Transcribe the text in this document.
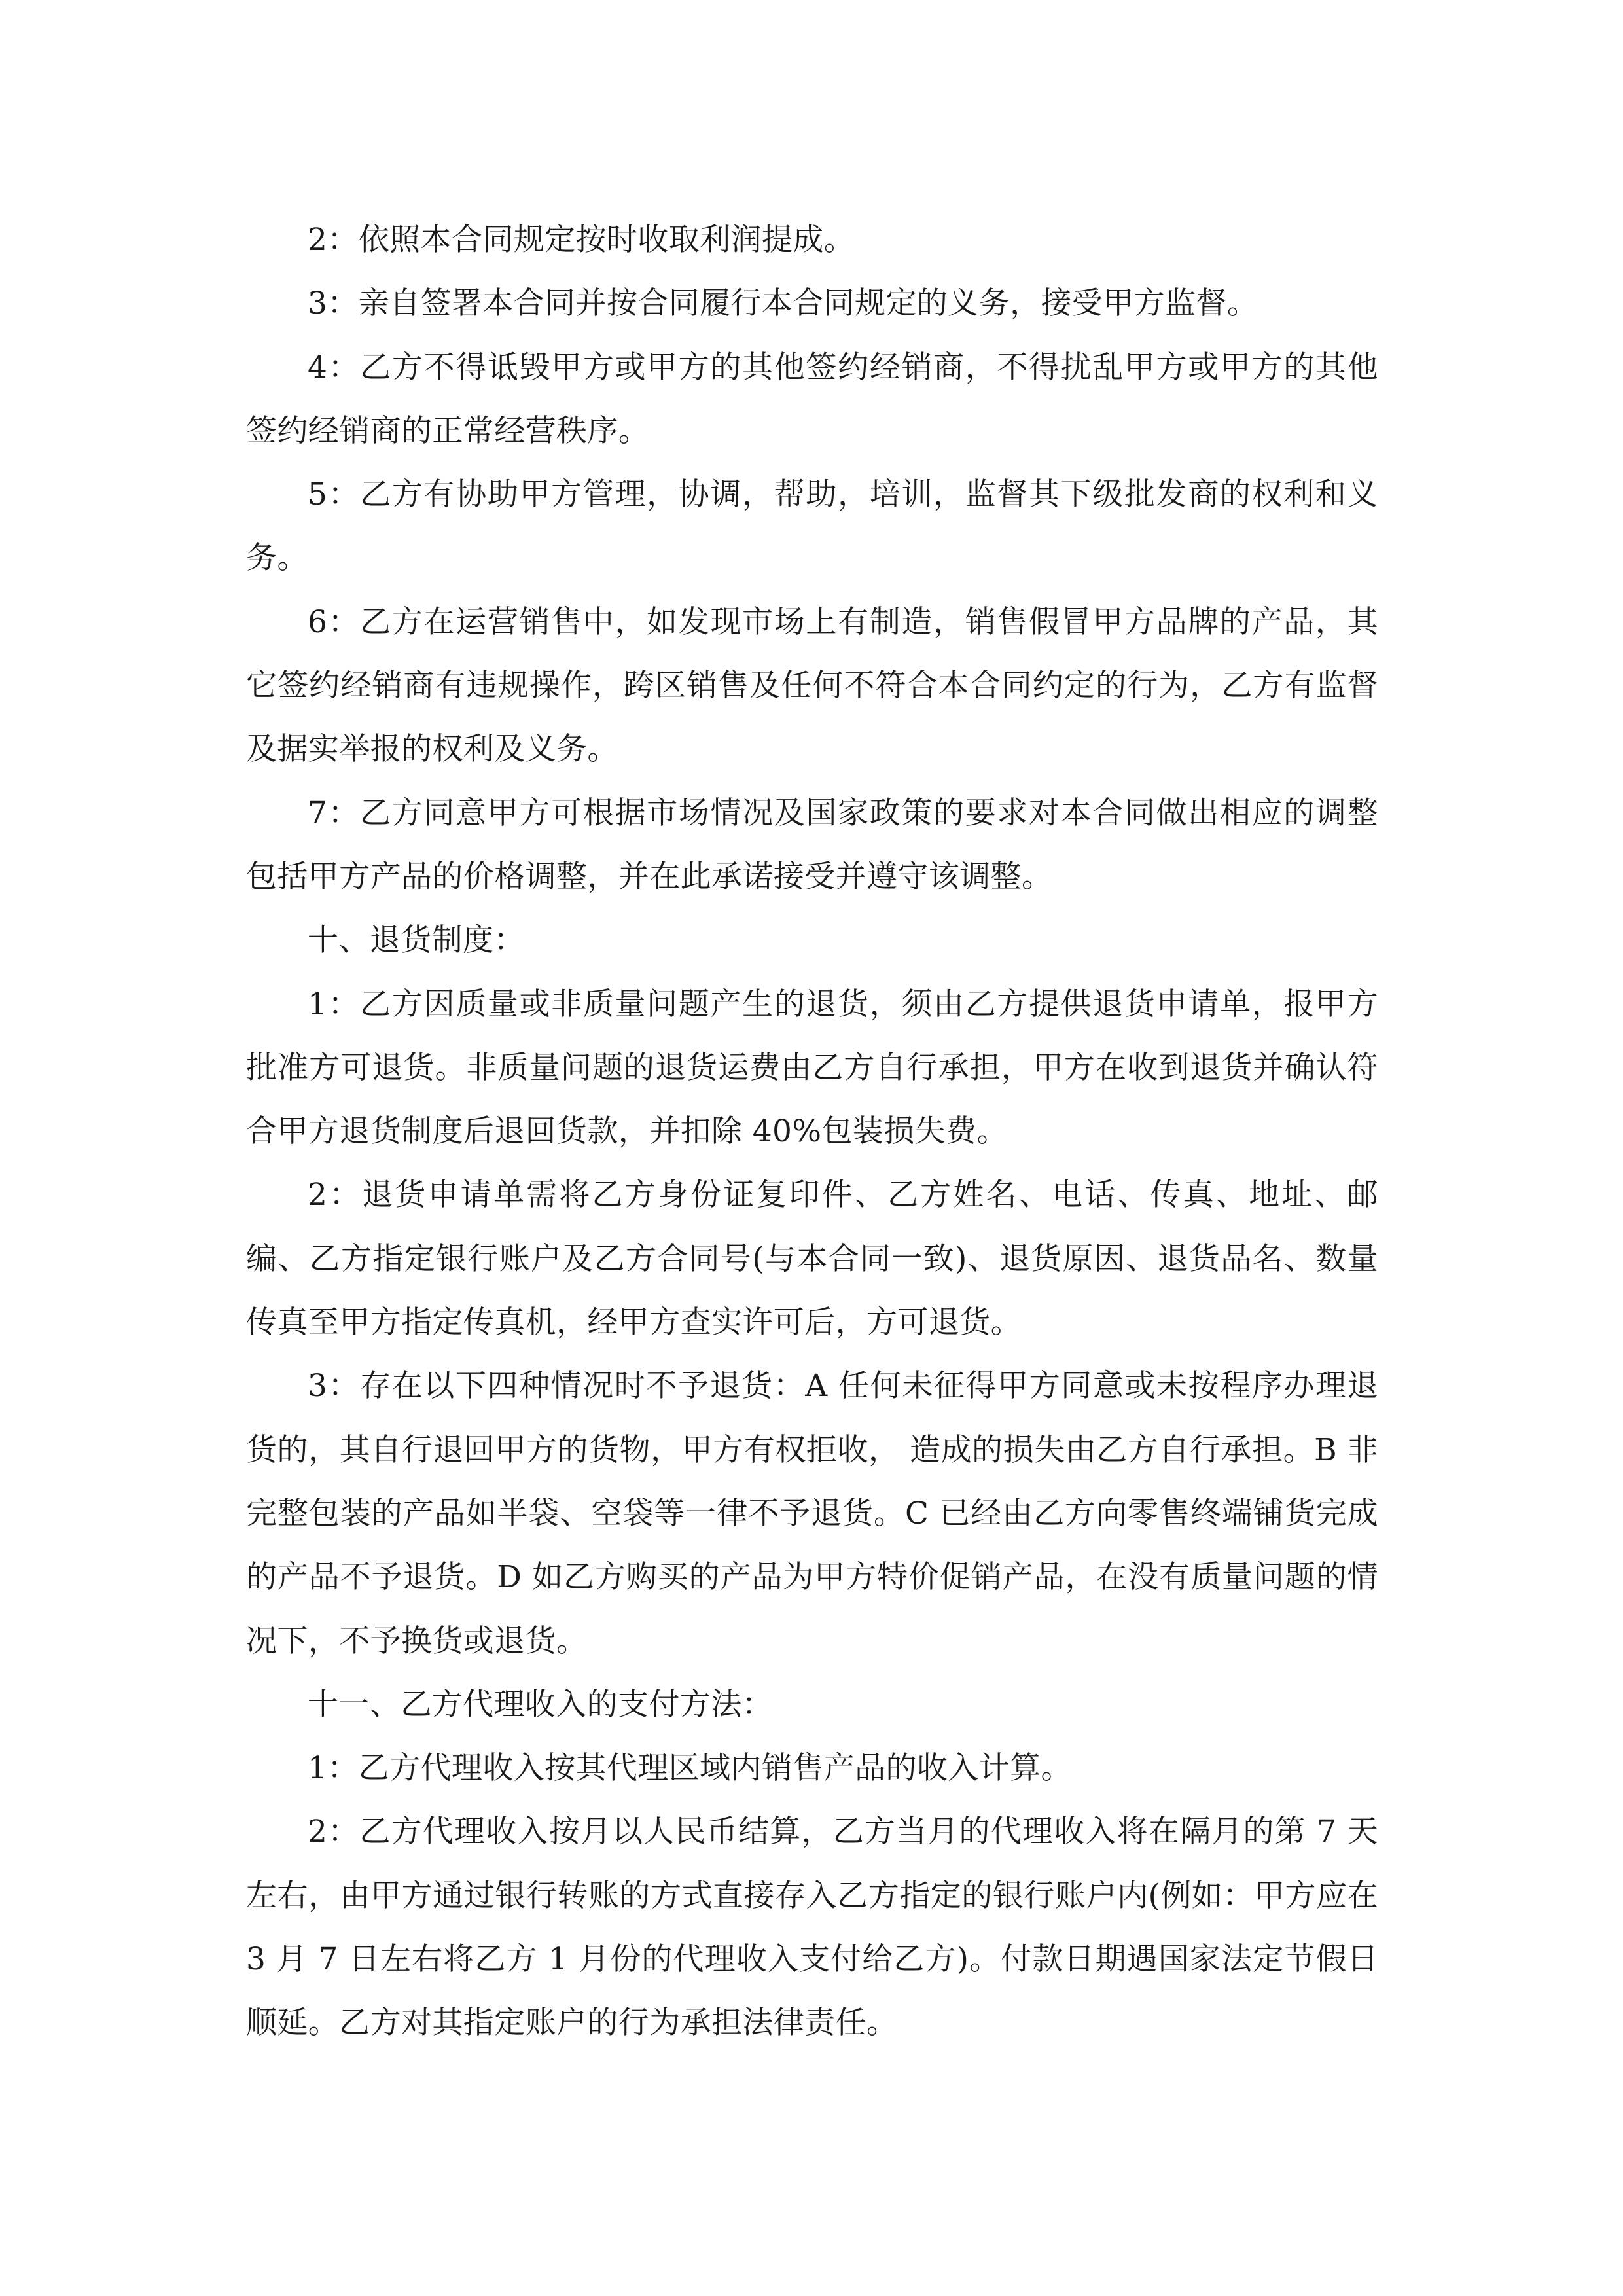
2：依照本合同规定按时收取利润提成。

3：亲自签署本合同并按合同履行本合同规定的义务，接受甲方监督。

4：乙方不得诋毁甲方或甲方的其他签约经销商，不得扰乱甲方或甲方的其他签约经销商的正常经营秩序。

5：乙方有协助甲方管理，协调，帮助，培训，监督其下级批发商的权利和义务。

6：乙方在运营销售中，如发现市场上有制造，销售假冒甲方品牌的产品，其它签约经销商有违规操作，跨区销售及任何不符合本合同约定的行为，乙方有监督及据实举报的权利及义务。

7：乙方同意甲方可根据市场情况及国家政策的要求对本合同做出相应的调整包括甲方产品的价格调整，并在此承诺接受并遵守该调整。

十、退货制度：

1：乙方因质量或非质量问题产生的退货，须由乙方提供退货申请单，报甲方批准方可退货。非质量问题的退货运费由乙方自行承担，甲方在收到退货并确认符合甲方退货制度后退回货款，并扣除 40%包装损失费。

2：退货申请单需将乙方身份证复印件、乙方姓名、电话、传真、地址、邮编、乙方指定银行账户及乙方合同号(与本合同一致)、退货原因、退货品名、数量传真至甲方指定传真机，经甲方查实许可后，方可退货。

3：存在以下四种情况时不予退货：A 任何未征得甲方同意或未按程序办理退货的，其自行退回甲方的货物，甲方有权拒收， 造成的损失由乙方自行承担。B 非完整包装的产品如半袋、空袋等一律不予退货。C 已经由乙方向零售终端铺货完成的产品不予退货。D 如乙方购买的产品为甲方特价促销产品，在没有质量问题的情况下，不予换货或退货。

十一、乙方代理收入的支付方法：

1：乙方代理收入按其代理区域内销售产品的收入计算。

2：乙方代理收入按月以人民币结算，乙方当月的代理收入将在隔月的第 7 天左右，由甲方通过银行转账的方式直接存入乙方指定的银行账户内(例如：甲方应在 3 月 7 日左右将乙方 1 月份的代理收入支付给乙方)。付款日期遇国家法定节假日顺延。乙方对其指定账户的行为承担法律责任。
